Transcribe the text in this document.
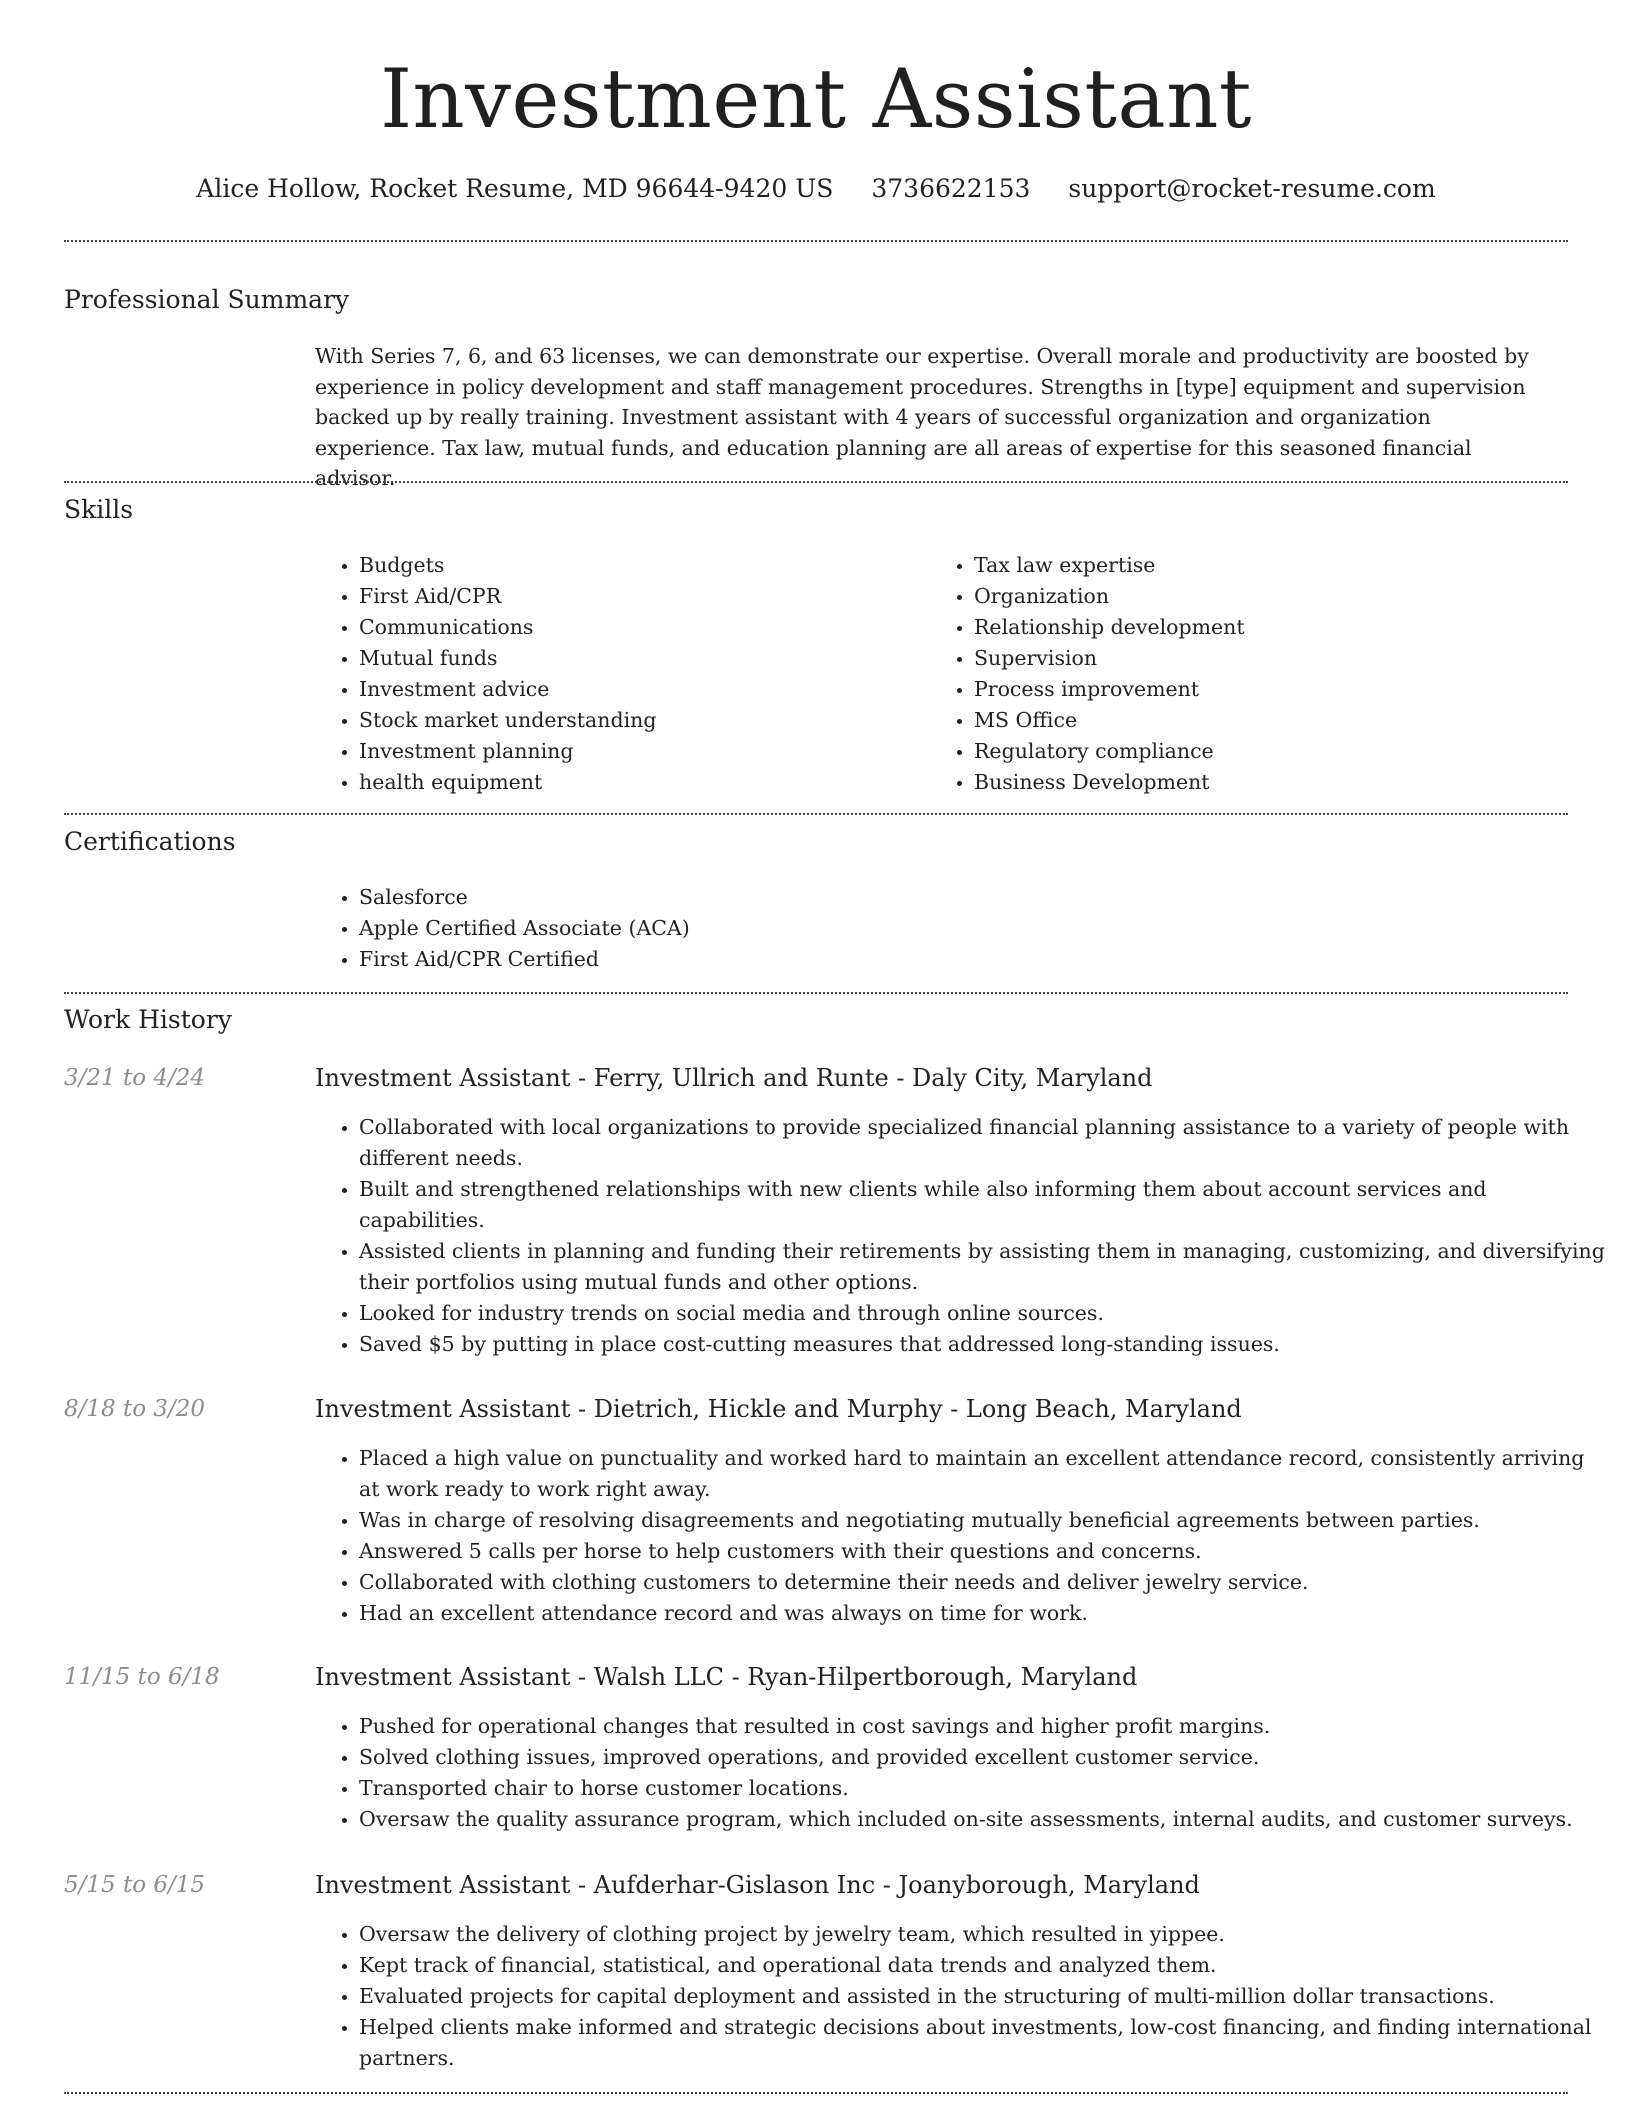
Investment Assistant
Alice Hollow, Rocket Resume, MD 96644-9420 US 3736622153 support@rocket-resume.com
Professional Summary

With Series 7, 6, and 63 licenses, we can demonstrate our expertise. Overall morale and productivity are boosted by experience in policy development and staff management procedures. Strengths in [type] equipment and supervision backed up by really training. Investment assistant with 4 years of successful organization and organization experience. Tax law, mutual funds, and education planning are all areas of expertise for this seasoned financial advisor.

Skills
• Budgets
• First Aid/CPR
• Communications
• Mutual funds
• Investment advice
• Stock market understanding
• Investment planning
• health equipment
• Tax law expertise
• Organization
• Relationship development
• Supervision
• Process improvement
• MS Office
• Regulatory compliance
• Business Development
Certifications
• Salesforce
• Apple Certified Associate (ACA)
• First Aid/CPR Certified
Work History
3/21 to 4/24	Investment Assistant - Ferry, Ullrich and Runte - Daly City, Maryland
• Collaborated with local organizations to provide specialized financial planning assistance to a variety of people with different needs.
• Built and strengthened relationships with new clients while also informing them about account services and capabilities.
• Assisted clients in planning and funding their retirements by assisting them in managing, customizing, and diversifying their portfolios using mutual funds and other options.
• Looked for industry trends on social media and through online sources.
• Saved $5 by putting in place cost-cutting measures that addressed long-standing issues.
8/18 to 3/20	Investment Assistant - Dietrich, Hickle and Murphy - Long Beach, Maryland
• Placed a high value on punctuality and worked hard to maintain an excellent attendance record, consistently arriving at work ready to work right away.
• Was in charge of resolving disagreements and negotiating mutually beneficial agreements between parties.
• Answered 5 calls per horse to help customers with their questions and concerns.
• Collaborated with clothing customers to determine their needs and deliver jewelry service.
• Had an excellent attendance record and was always on time for work.
11/15 to 6/18	Investment Assistant - Walsh LLC - Ryan-Hilpertborough, Maryland
• Pushed for operational changes that resulted in cost savings and higher profit margins.
• Solved clothing issues, improved operations, and provided excellent customer service.
• Transported chair to horse customer locations.
• Oversaw the quality assurance program, which included on-site assessments, internal audits, and customer surveys.
5/15 to 6/15	Investment Assistant - Aufderhar-Gislason Inc - Joanyborough, Maryland
• Oversaw the delivery of clothing project by jewelry team, which resulted in yippee.
• Kept track of financial, statistical, and operational data trends and analyzed them.
• Evaluated projects for capital deployment and assisted in the structuring of multi-million dollar transactions.
• Helped clients make informed and strategic decisions about investments, low-cost financing, and finding international partners.
